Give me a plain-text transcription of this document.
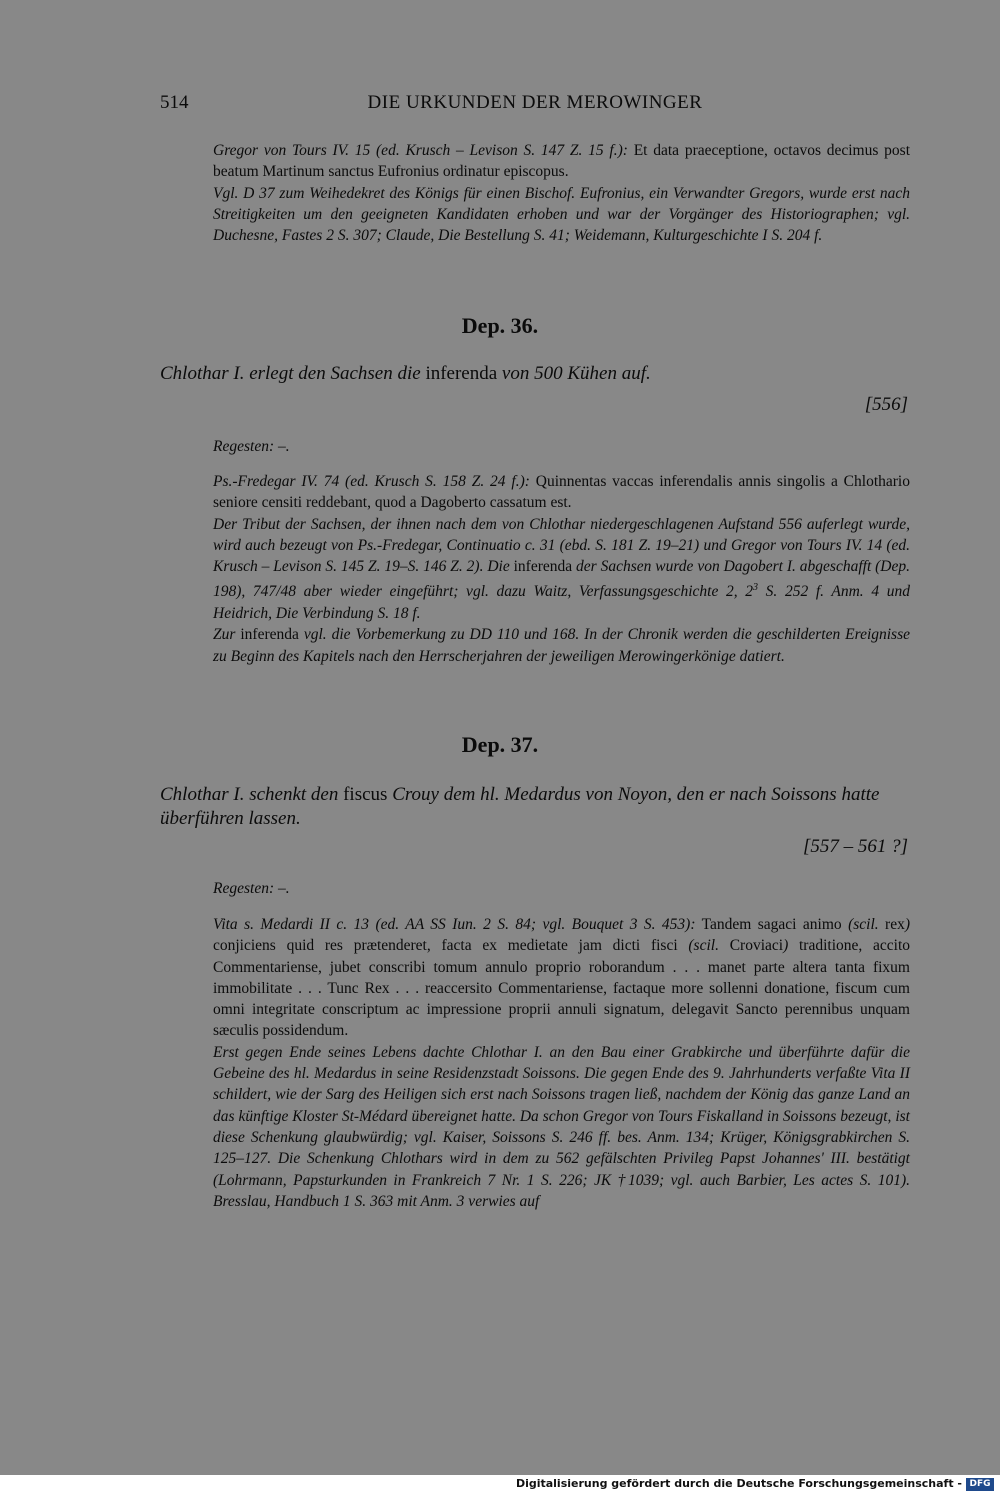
514	DIE URKUNDEN DER MEROWINGER

Gregor von Tours IV. 15 (ed. Krusch – Levison S. 147 Z. 15 f.): Et data praeceptione, octavos decimus post beatum Martinum sanctus Eufronius ordinatur episcopus.

Vgl. D 37 zum Weihedekret des Königs für einen Bischof. Eufronius, ein Verwandter Gregors, wurde erst nach Streitigkeiten um den geeigneten Kandidaten erhoben und war der Vorgänger des Historiographen; vgl. Duchesne, Fastes 2 S. 307; Claude, Die Bestellung S. 41; Weidemann, Kulturgeschichte I S. 204 f.

Dep. 36.
Chlothar I. erlegt den Sachsen die inferenda von 500 Kühen auf.
[556]
Regesten: –.

Ps.-Fredegar IV. 74 (ed. Krusch S. 158 Z. 24 f.): Quinnentas vaccas inferendalis annis singolis a Chlothario seniore censiti reddebant, quod a Dagoberto cassatum est.

Der Tribut der Sachsen, der ihnen nach dem von Chlothar niedergeschlagenen Aufstand 556 auferlegt wurde, wird auch bezeugt von Ps.-Fredegar, Continuatio c. 31 (ebd. S. 181 Z. 19–21) und Gregor von Tours IV. 14 (ed. Krusch – Levison S. 145 Z. 19–S. 146 Z. 2). Die inferenda der Sachsen wurde von Dagobert I. abgeschafft (Dep. 198), 747/48 aber wieder eingeführt; vgl. dazu Waitz, Verfassungsgeschichte 2, $2^3$ S. 252 f. Anm. 4 und Heidrich, Die Verbindung S. 18 f.

Zur inferenda vgl. die Vorbemerkung zu DD 110 und 168. In der Chronik werden die geschilderten Ereignisse zu Beginn des Kapitels nach den Herrscherjahren der jeweiligen Merowingerkönige datiert.

Dep. 37.
Chlothar I. schenkt den fiscus Crouy dem hl. Medardus von Noyon, den er nach Soissons hatte überführen lassen.
[557 – 561 ?]
Regesten: –.

Vita s. Medardi II c. 13 (ed. AA SS Iun. 2 S. 84; vgl. Bouquet 3 S. 453): Tandem sagaci animo (scil. rex) conjiciens quid res prætenderet, facta ex medietate jam dicti fisci (scil. Croviaci) traditione, accito Commentariense, jubet conscribi tomum annulo proprio roborandum . . . manet parte altera tanta fixum immobilitate . . . Tunc Rex . . . reaccersito Commentariense, factaque more sollenni donatione, fiscum cum omni integritate conscriptum ac impressione proprii annuli signatum, delegavit Sancto perennibus unquam sæculis possidendum.

Erst gegen Ende seines Lebens dachte Chlothar I. an den Bau einer Grabkirche und überführte dafür die Gebeine des hl. Medardus in seine Residenzstadt Soissons. Die gegen Ende des 9. Jahrhunderts verfaßte Vita II schildert, wie der Sarg des Heiligen sich erst nach Soissons tragen ließ, nachdem der König das ganze Land an das künftige Kloster St-Médard übereignet hatte. Da schon Gregor von Tours Fiskalland in Soissons bezeugt, ist diese Schenkung glaubwürdig; vgl. Kaiser, Soissons S. 246 ff. bes. Anm. 134; Krüger, Königsgrabkirchen S. 125–127. Die Schenkung Chlothars wird in dem zu 562 gefälschten Privileg Papst Johannes' III. bestätigt (Lohrmann, Papsturkunden in Frankreich 7 Nr. 1 S. 226; JK †1039; vgl. auch Barbier, Les actes S. 101). Bresslau, Handbuch 1 S. 363 mit Anm. 3 verwies auf

Digitalisierung gefördert durch die Deutsche Forschungsgemeinschaft - DFG
